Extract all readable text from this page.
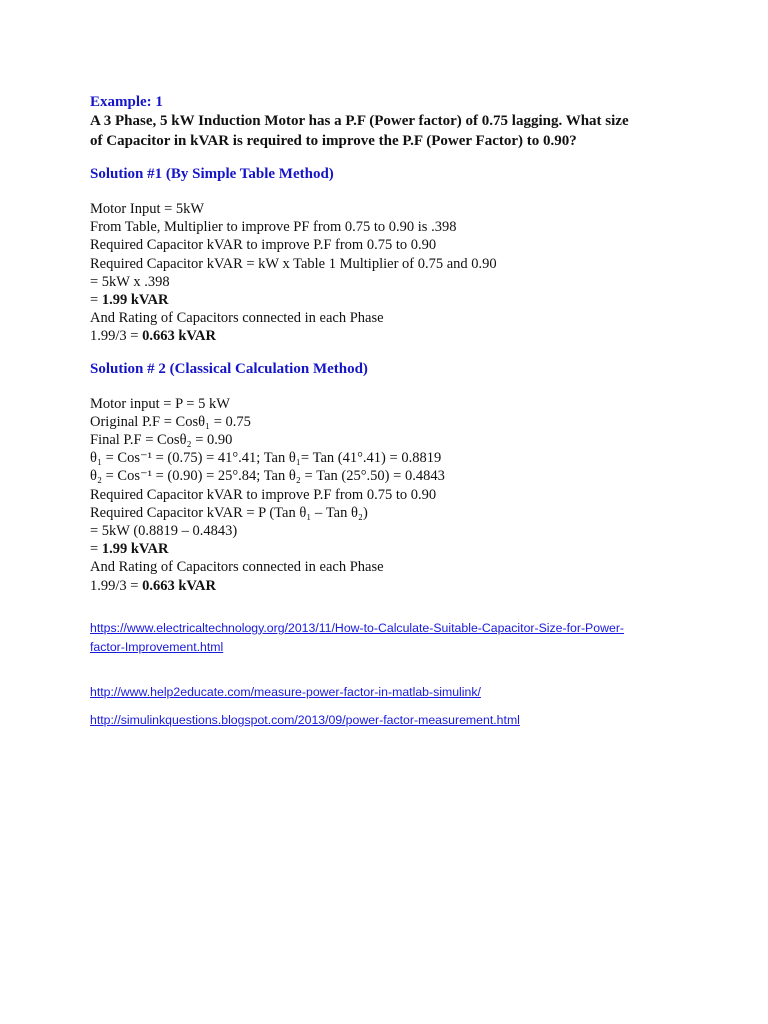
Example: 1
A 3 Phase, 5 kW Induction Motor has a P.F (Power factor) of 0.75 lagging. What size
of Capacitor in kVAR is required to improve the P.F (Power Factor) to 0.90?
Solution #1 (By Simple Table Method)
Motor Input = 5kW
From Table, Multiplier to improve PF from 0.75 to 0.90 is .398
Required Capacitor kVAR to improve P.F from 0.75 to 0.90
Required Capacitor kVAR = kW x Table 1 Multiplier of 0.75 and 0.90
= 5kW x .398
= 1.99 kVAR
And Rating of Capacitors connected in each Phase
1.99/3 = 0.663 kVAR
Solution # 2 (Classical Calculation Method)
Motor input = P = 5 kW
Original P.F = Cosθ₁ = 0.75
Final P.F = Cosθ₂ = 0.90
θ₁ = Cos⁻¹ = (0.75) = 41°.41; Tan θ₁= Tan (41°.41) = 0.8819
θ₂ = Cos⁻¹ = (0.90) = 25°.84; Tan θ₂ = Tan (25°.50) = 0.4843
Required Capacitor kVAR to improve P.F from 0.75 to 0.90
Required Capacitor kVAR = P (Tan θ₁ – Tan θ₂)
= 5kW (0.8819 – 0.4843)
= 1.99 kVAR
And Rating of Capacitors connected in each Phase
1.99/3 = 0.663 kVAR
https://www.electricaltechnology.org/2013/11/How-to-Calculate-Suitable-Capacitor-Size-for-Power-
factor-Improvement.html
http://www.help2educate.com/measure-power-factor-in-matlab-simulink/
http://simulinkquestions.blogspot.com/2013/09/power-factor-measurement.html
